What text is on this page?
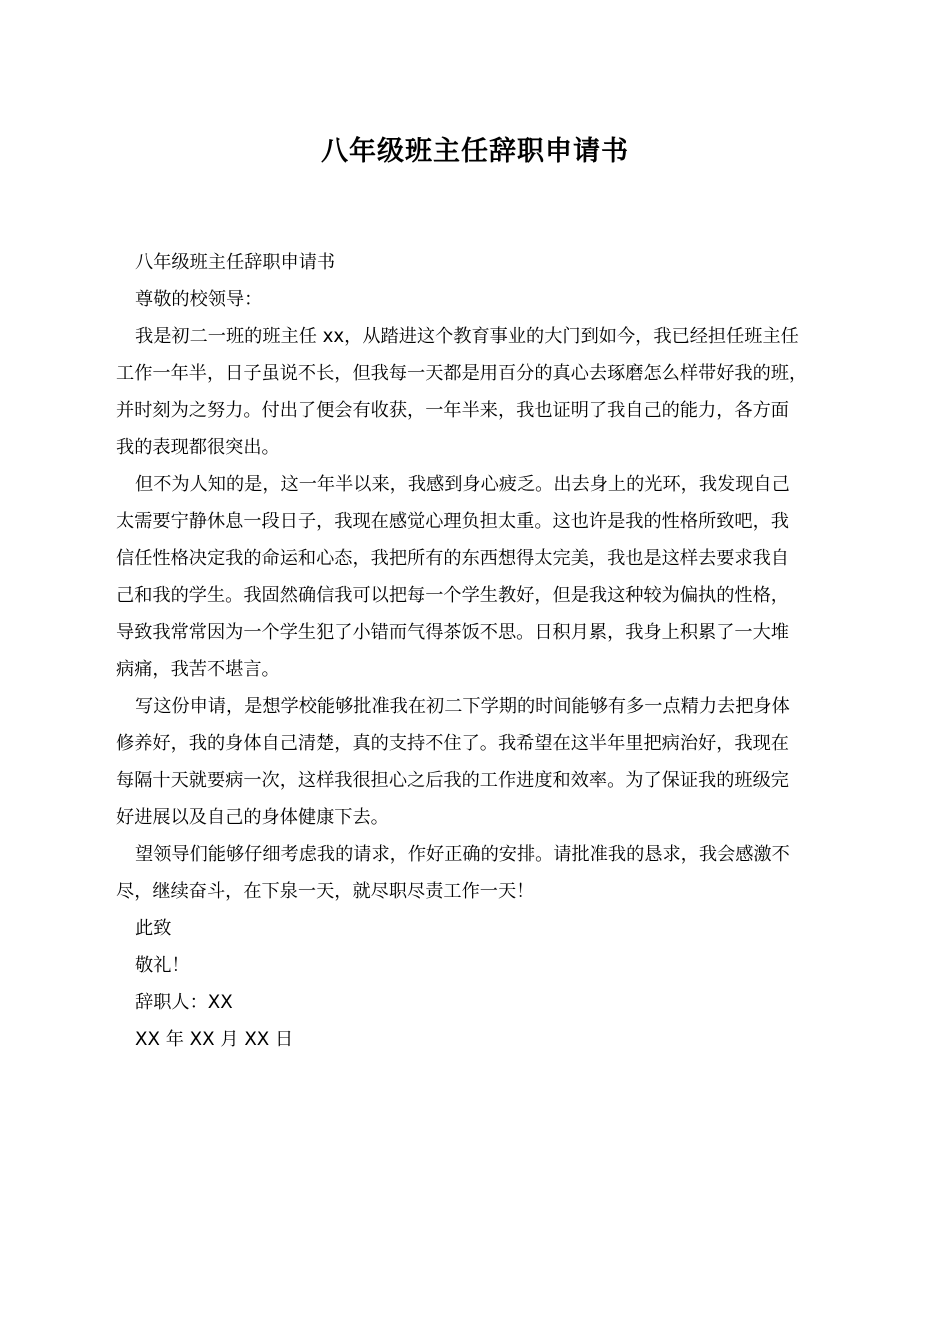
八年级班主任辞职申请书

八年级班主任辞职申请书

尊敬的校领导：

我是初二一班的班主任 xx，从踏进这个教育事业的大门到如今，我已经担任班主任

工作一年半，日子虽说不长，但我每一天都是用百分的真心去琢磨怎么样带好我的班，

并时刻为之努力。付出了便会有收获，一年半来，我也证明了我自己的能力，各方面

我的表现都很突出。

但不为人知的是，这一年半以来，我感到身心疲乏。出去身上的光环，我发现自己

太需要宁静休息一段日子，我现在感觉心理负担太重。这也许是我的性格所致吧，我

信任性格决定我的命运和心态，我把所有的东西想得太完美，我也是这样去要求我自

己和我的学生。我固然确信我可以把每一个学生教好，但是我这种较为偏执的性格，

导致我常常因为一个学生犯了小错而气得茶饭不思。日积月累，我身上积累了一大堆

病痛，我苦不堪言。

写这份申请，是想学校能够批准我在初二下学期的时间能够有多一点精力去把身体

修养好，我的身体自己清楚，真的支持不住了。我希望在这半年里把病治好，我现在

每隔十天就要病一次，这样我很担心之后我的工作进度和效率。为了保证我的班级完

好进展以及自己的身体健康下去。

望领导们能够仔细考虑我的请求，作好正确的安排。请批准我的恳求，我会感激不

尽，继续奋斗，在下泉一天，就尽职尽责工作一天！

此致

敬礼！

辞职人：XX

XX 年 XX 月 XX 日
